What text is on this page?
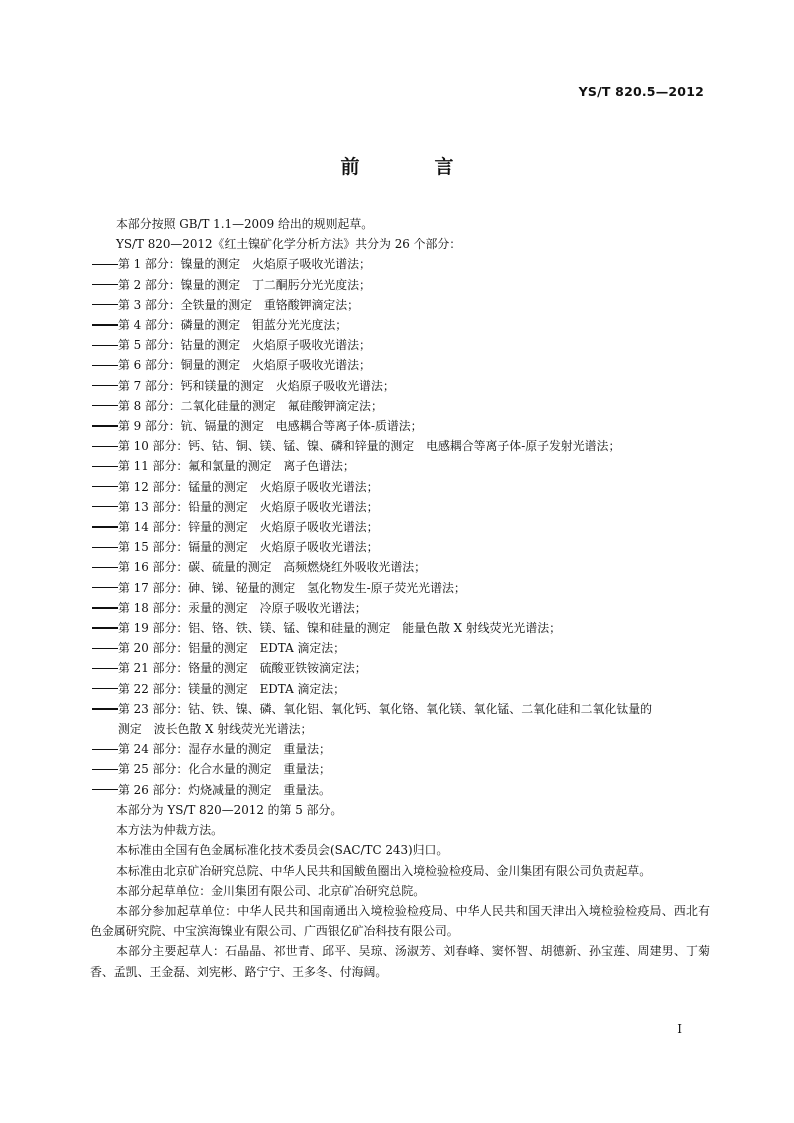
YS/T 820.5—2012
前　言

本部分按照 GB/T 1.1—2009 给出的规则起草。

YS/T 820—2012《红土镍矿化学分析方法》共分为 26 个部分：

第 1 部分：镍量的测定　火焰原子吸收光谱法；
第 2 部分：镍量的测定　丁二酮肟分光光度法；
第 3 部分：全铁量的测定　重铬酸钾滴定法；
第 4 部分：磷量的测定　钼蓝分光光度法；
第 5 部分：钴量的测定　火焰原子吸收光谱法；
第 6 部分：铜量的测定　火焰原子吸收光谱法；
第 7 部分：钙和镁量的测定　火焰原子吸收光谱法；
第 8 部分：二氧化硅量的测定　氟硅酸钾滴定法；
第 9 部分：钪、镉量的测定　电感耦合等离子体-质谱法；
第 10 部分：钙、钴、铜、镁、锰、镍、磷和锌量的测定　电感耦合等离子体-原子发射光谱法；
第 11 部分：氟和氯量的测定　离子色谱法；
第 12 部分：锰量的测定　火焰原子吸收光谱法；
第 13 部分：铅量的测定　火焰原子吸收光谱法；
第 14 部分：锌量的测定　火焰原子吸收光谱法；
第 15 部分：镉量的测定　火焰原子吸收光谱法；
第 16 部分：碳、硫量的测定　高频燃烧红外吸收光谱法；
第 17 部分：砷、锑、铋量的测定　氢化物发生-原子荧光光谱法；
第 18 部分：汞量的测定　冷原子吸收光谱法；
第 19 部分：铝、铬、铁、镁、锰、镍和硅量的测定　能量色散 X 射线荧光光谱法；
第 20 部分：铝量的测定　EDTA 滴定法；
第 21 部分：铬量的测定　硫酸亚铁铵滴定法；
第 22 部分：镁量的测定　EDTA 滴定法；
第 23 部分：钴、铁、镍、磷、氧化铝、氧化钙、氧化铬、氧化镁、氧化锰、二氧化硅和二氧化钛量的
测定　波长色散 X 射线荧光光谱法；
第 24 部分：湿存水量的测定　重量法；
第 25 部分：化合水量的测定　重量法；
第 26 部分：灼烧减量的测定　重量法。

本部分为 YS/T 820—2012 的第 5 部分。

本方法为仲裁方法。

本标准由全国有色金属标准化技术委员会(SAC/TC 243)归口。

本标准由北京矿冶研究总院、中华人民共和国鲅鱼圈出入境检验检疫局、金川集团有限公司负责起草。

本部分起草单位：金川集团有限公司、北京矿冶研究总院。

本部分参加起草单位：中华人民共和国南通出入境检验检疫局、中华人民共和国天津出入境检验检疫局、西北有色金属研究院、中宝滨海镍业有限公司、广西银亿矿冶科技有限公司。

本部分主要起草人：石晶晶、祁世青、邱平、吴琼、汤淑芳、刘春峰、窦怀智、胡德新、孙宝莲、周建男、丁菊香、孟凯、王金磊、刘宪彬、路宁宁、王多冬、付海阔。

I
